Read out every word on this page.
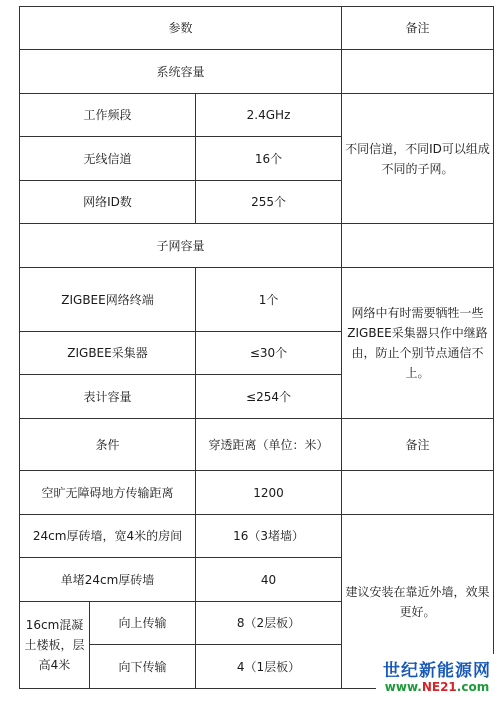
参数			备注
系统容量			
工作频段		2.4GHz	不同信道，不同ID可以组成不同的子网。
无线信道		16个	
网络ID数		255个	
子网容量			
ZIGBEE网络终端		1个	网络中有时需要牺牲一些ZIGBEE采集器只作中继路由，防止个别节点通信不上。
ZIGBEE采集器		≤30个	
表计容量		≤254个	
条件		穿透距离（单位：米）	备注
空旷无障碍地方传输距离		1200	
24cm厚砖墙，宽4米的房间		16（3堵墙）	建议安装在靠近外墙，效果更好。
单堵24cm厚砖墙		40	
16cm混凝土楼板，层高4米	向上传输	8（2层板）	
	向下传输	4（1层板）		世纪新能源网
www.NE21.com
